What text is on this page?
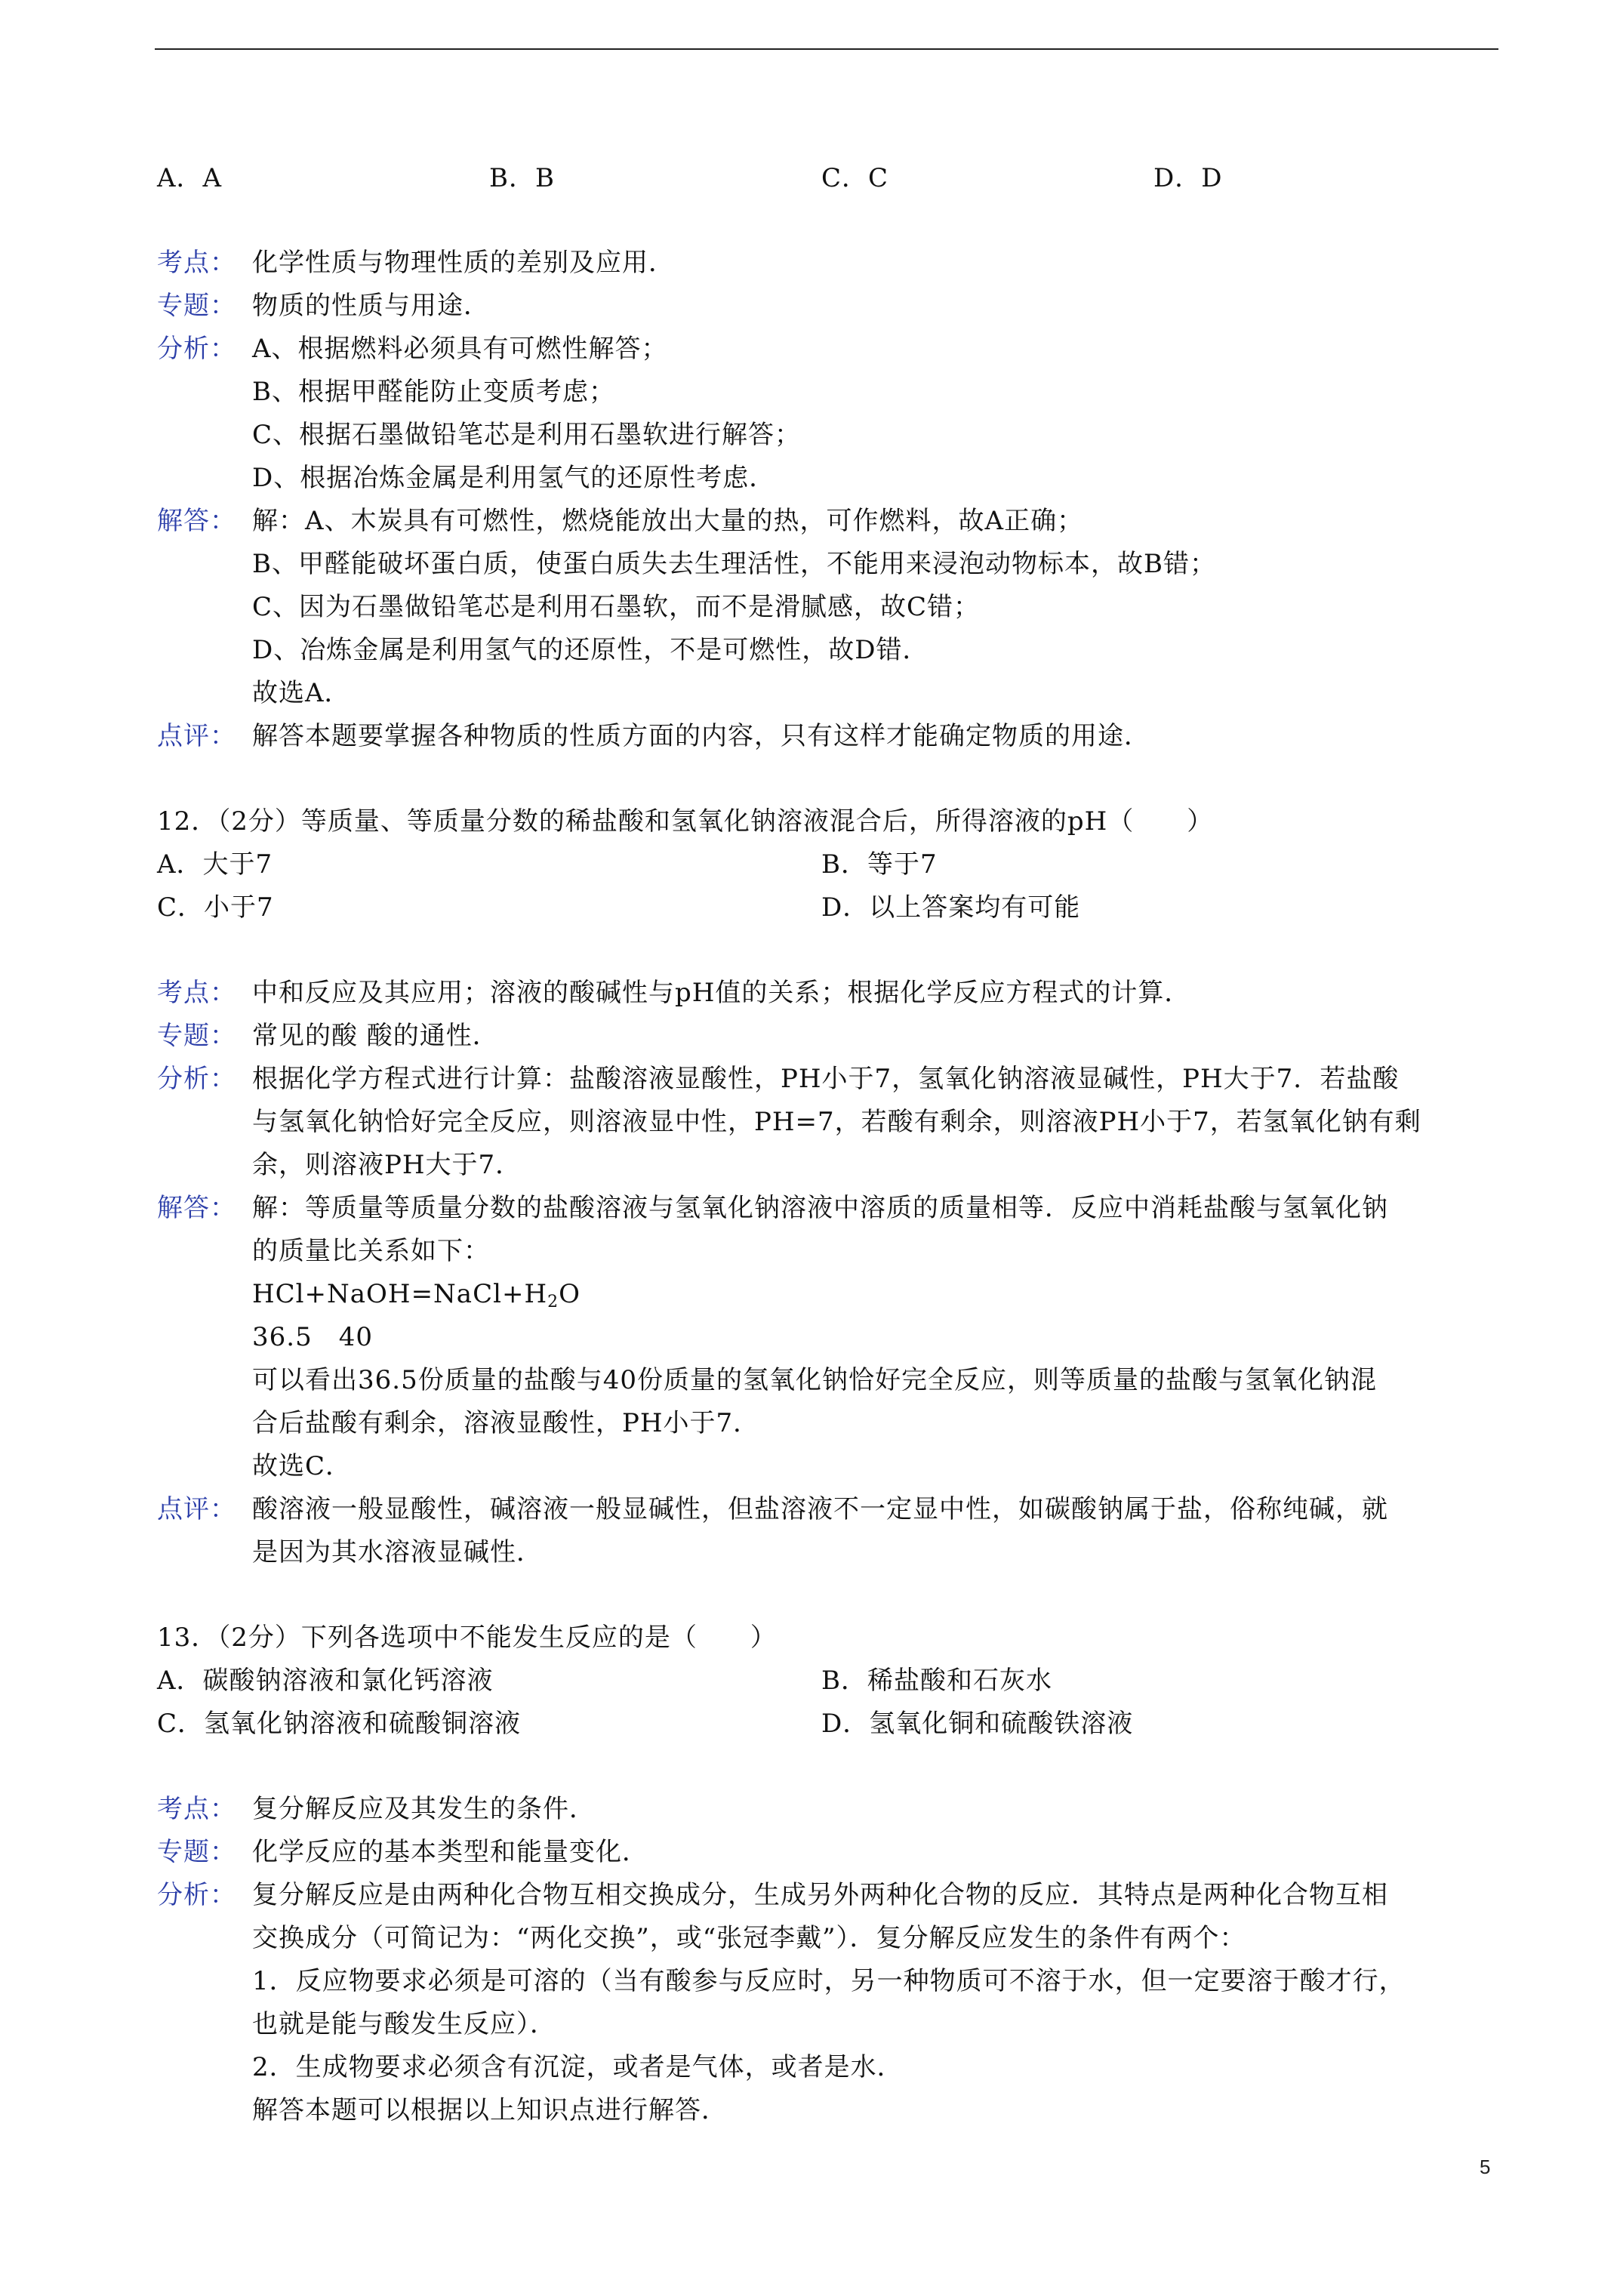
A．A	B．B	C．C	D．D
考点： 化学性质与物理性质的差别及应用．
专题： 物质的性质与用途．
分析： A、根据燃料必须具有可燃性解答；
B、根据甲醛能防止变质考虑；
C、根据石墨做铅笔芯是利用石墨软进行解答；
D、根据冶炼金属是利用氢气的还原性考虑．
解答： 解：A、木炭具有可燃性，燃烧能放出大量的热，可作燃料，故A正确；
B、甲醛能破坏蛋白质，使蛋白质失去生理活性，不能用来浸泡动物标本，故B错；
C、因为石墨做铅笔芯是利用石墨软，而不是滑腻感，故C错；
D、冶炼金属是利用氢气的还原性，不是可燃性，故D错．
故选A．
点评： 解答本题要掌握各种物质的性质方面的内容，只有这样才能确定物质的用途．
12．（2分）等质量、等质量分数的稀盐酸和氢氧化钠溶液混合后，所得溶液的pH（　　）
A．大于7	B．等于7
C．小于7	D．以上答案均有可能
考点： 中和反应及其应用；溶液的酸碱性与pH值的关系；根据化学反应方程式的计算．
专题： 常见的酸 酸的通性．
分析： 根据化学方程式进行计算：盐酸溶液显酸性，PH小于7，氢氧化钠溶液显碱性，PH大于7．若盐酸
与氢氧化钠恰好完全反应，则溶液显中性，PH=7，若酸有剩余，则溶液PH小于7，若氢氧化钠有剩
余，则溶液PH大于7．
解答： 解：等质量等质量分数的盐酸溶液与氢氧化钠溶液中溶质的质量相等．反应中消耗盐酸与氢氧化钠
的质量比关系如下：
$HCl+NaOH=NaCl+H_2O$
36.5　40
可以看出36.5份质量的盐酸与40份质量的氢氧化钠恰好完全反应，则等质量的盐酸与氢氧化钠混
合后盐酸有剩余，溶液显酸性，PH小于7．
故选C．
点评： 酸溶液一般显酸性，碱溶液一般显碱性，但盐溶液不一定显中性，如碳酸钠属于盐，俗称纯碱，就
是因为其水溶液显碱性．
13．（2分）下列各选项中不能发生反应的是（　　）
A．碳酸钠溶液和氯化钙溶液	B．稀盐酸和石灰水
C．氢氧化钠溶液和硫酸铜溶液	D．氢氧化铜和硫酸铁溶液
考点： 复分解反应及其发生的条件．
专题： 化学反应的基本类型和能量变化．
分析： 复分解反应是由两种化合物互相交换成分，生成另外两种化合物的反应．其特点是两种化合物互相
交换成分（可简记为：“两化交换”，或“张冠李戴”）．复分解反应发生的条件有两个：
1．反应物要求必须是可溶的（当有酸参与反应时，另一种物质可不溶于水，但一定要溶于酸才行，
也就是能与酸发生反应）．
2．生成物要求必须含有沉淀，或者是气体，或者是水．
解答本题可以根据以上知识点进行解答．
5
